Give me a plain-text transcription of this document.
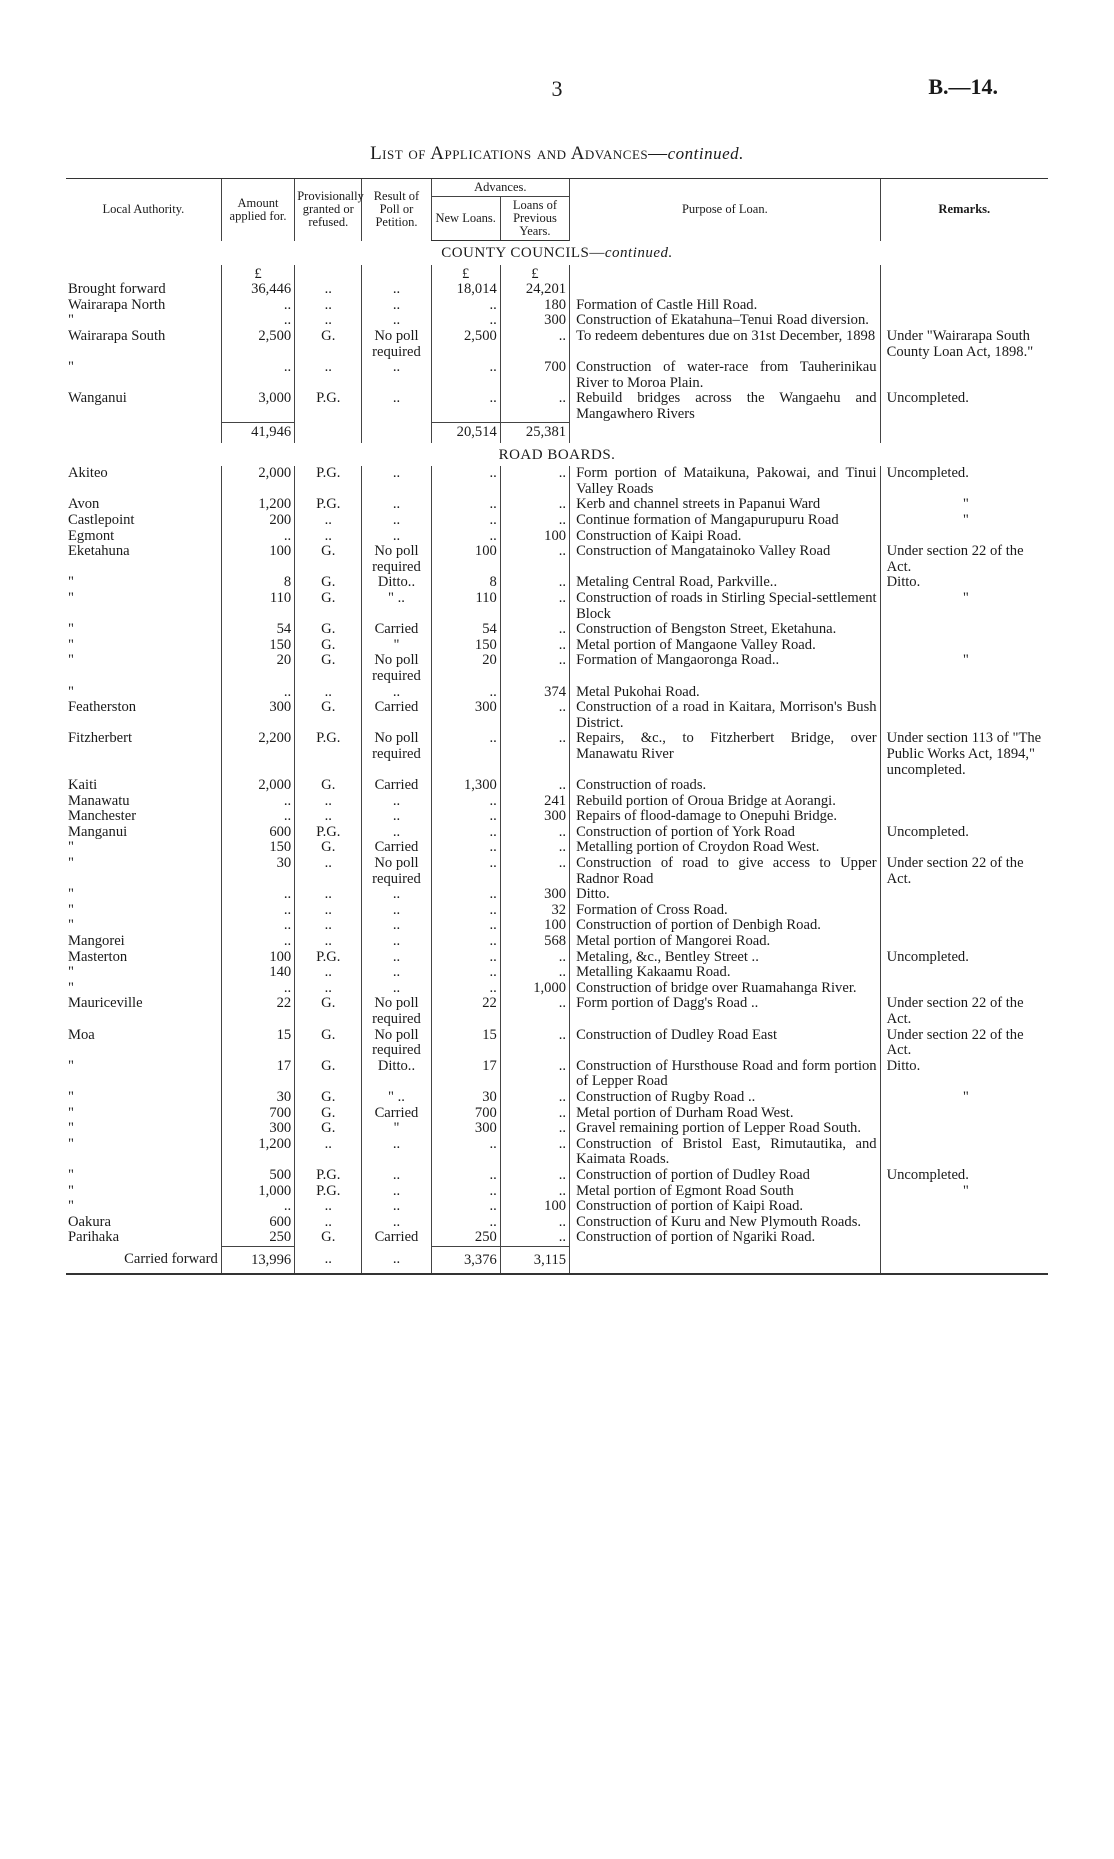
3	B.—14.
List of Applications and Advances—continued.
Local Authority.	Amount applied for.	Provisionally granted or refused.	Result of Poll or Petition.	Advances.		Purpose of Loan.	Remarks.
				New Loans.	Loans of Previous Years.		
COUNTY COUNCILS—continued.							
	£			£	£		
Brought forward	36,446	..	..	18,014	24,201		
Wairarapa North	..	..	..	..	180	Formation of Castle Hill Road.	
"	..	..	..	..	300	Construction of Ekatahuna–Tenui Road diversion.	
Wairarapa South	2,500	G.	No poll required	2,500	..	To redeem debentures due on 31st December, 1898	Under "Wairarapa South County Loan Act, 1898."
"	..	..	..	..	700	Construction of water-race from Tauherinikau River to Moroa Plain.	
Wanganui	3,000	P.G.	..	..	..	Rebuild bridges across the Wangaehu and Mangawhero Rivers	Uncompleted.
	41,946			20,514	25,381		
ROAD BOARDS.							
Akiteo	2,000	P.G.	..	..	..	Form portion of Mataikuna, Pakowai, and Tinui Valley Roads	Uncompleted.
Avon	1,200	P.G.	..	..	..	Kerb and channel streets in Papanui Ward	"
Castlepoint	200	..	..	..	..	Continue formation of Mangapurupuru Road	"
Egmont	..	..	..	..	100	Construction of Kaipi Road.	
Eketahuna	100	G.	No poll required	100	..	Construction of Mangatainoko Valley Road	Under section 22 of the Act.
"	8	G.	Ditto..	8	..	Metaling Central Road, Parkville..	Ditto.
"	110	G.	" ..	110	..	Construction of roads in Stirling Special-settlement Block	"
"	54	G.	Carried	54	..	Construction of Bengston Street, Eketahuna.	
"	150	G.	"	150	..	Metal portion of Mangaone Valley Road.	
"	20	G.	No poll required	20	..	Formation of Mangaoronga Road..	"
"	..	..	..	..	374	Metal Pukohai Road.	
Featherston	300	G.	Carried	300	..	Construction of a road in Kaitara, Morrison's Bush District.	
Fitzherbert	2,200	P.G.	No poll required	..	..	Repairs, &c., to Fitzherbert Bridge, over Manawatu River	Under section 113 of "The Public Works Act, 1894," uncompleted.
Kaiti	2,000	G.	Carried	1,300	..	Construction of roads.	
Manawatu	..	..	..	..	241	Rebuild portion of Oroua Bridge at Aorangi.	
Manchester	..	..	..	..	300	Repairs of flood-damage to Onepuhi Bridge.	
Manganui	600	P.G.	..	..	..	Construction of portion of York Road	Uncompleted.
"	150	G.	Carried	..	..	Metalling portion of Croydon Road West.	
"	30	..	No poll required	..	..	Construction of road to give access to Upper Radnor Road	Under section 22 of the Act.
"	..	..	..	..	300	Ditto.	
"	..	..	..	..	32	Formation of Cross Road.	
"	..	..	..	..	100	Construction of portion of Denbigh Road.	
Mangorei	..	..	..	..	568	Metal portion of Mangorei Road.	
Masterton	100	P.G.	..	..	..	Metaling, &c., Bentley Street ..	Uncompleted.
"	140	..	..	..	..	Metalling Kakaamu Road.	
"	..	..	..	..	1,000	Construction of bridge over Ruamahanga River.	
Mauriceville	22	G.	No poll required	22	..	Form portion of Dagg's Road ..	Under section 22 of the Act.
Moa	15	G.	No poll required	15	..	Construction of Dudley Road East	Under section 22 of the Act.
"	17	G.	Ditto..	17	..	Construction of Hursthouse Road and form portion of Lepper Road	Ditto.
"	30	G.	" ..	30	..	Construction of Rugby Road ..	"
"	700	G.	Carried	700	..	Metal portion of Durham Road West.	
"	300	G.	"	300	..	Gravel remaining portion of Lepper Road South.	
"	1,200	..	..	..	..	Construction of Bristol East, Rimutautika, and Kaimata Roads.	
"	500	P.G.	..	..	..	Construction of portion of Dudley Road	Uncompleted.
"	1,000	P.G.	..	..	..	Metal portion of Egmont Road South	"
"	..	..	..	..	100	Construction of portion of Kaipi Road.	
Oakura	600	..	..	..	..	Construction of Kuru and New Plymouth Roads.	
Parihaka	250	G.	Carried	250	..	Construction of portion of Ngariki Road.	
Carried forward	13,996	..	..	3,376	3,115		
